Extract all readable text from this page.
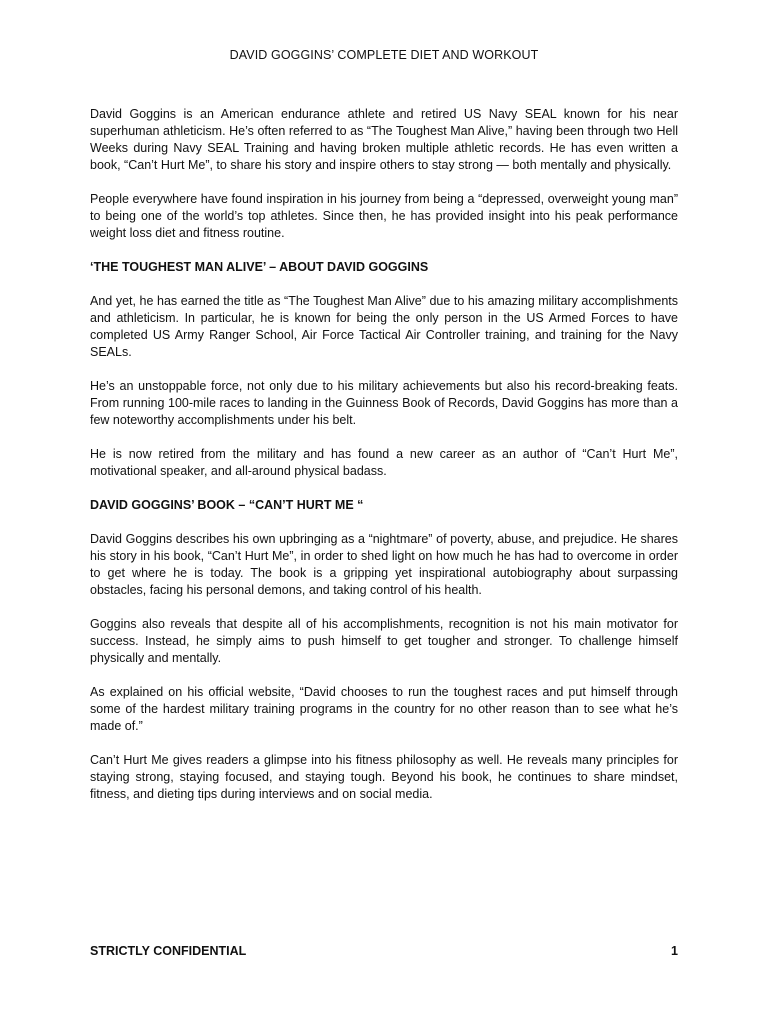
DAVID GOGGINS’ COMPLETE DIET AND WORKOUT

David Goggins is an American endurance athlete and retired US Navy SEAL known for his near superhuman athleticism. He’s often referred to as “The Toughest Man Alive,” having been through two Hell Weeks during Navy SEAL Training and having broken multiple athletic records. He has even written a book, “Can’t Hurt Me”, to share his story and inspire others to stay strong — both mentally and physically.

People everywhere have found inspiration in his journey from being a “depressed, overweight young man” to being one of the world’s top athletes. Since then, he has provided insight into his peak performance weight loss diet and fitness routine.

‘THE TOUGHEST MAN ALIVE’ – ABOUT DAVID GOGGINS

And yet, he has earned the title as “The Toughest Man Alive” due to his amazing military accomplishments and athleticism. In particular, he is known for being the only person in the US Armed Forces to have completed US Army Ranger School, Air Force Tactical Air Controller training, and training for the Navy SEALs.

He’s an unstoppable force, not only due to his military achievements but also his record-breaking feats. From running 100-mile races to landing in the Guinness Book of Records, David Goggins has more than a few noteworthy accomplishments under his belt.

He is now retired from the military and has found a new career as an author of “Can’t Hurt Me”, motivational speaker, and all-around physical badass.

DAVID GOGGINS’ BOOK – “CAN’T HURT ME “

David Goggins describes his own upbringing as a “nightmare” of poverty, abuse, and prejudice. He shares his story in his book, “Can’t Hurt Me”, in order to shed light on how much he has had to overcome in order to get where he is today. The book is a gripping yet inspirational autobiography about surpassing obstacles, facing his personal demons, and taking control of his health.

Goggins also reveals that despite all of his accomplishments, recognition is not his main motivator for success. Instead, he simply aims to push himself to get tougher and stronger. To challenge himself physically and mentally.

As explained on his official website, “David chooses to run the toughest races and put himself through some of the hardest military training programs in the country for no other reason than to see what he’s made of.”

Can’t Hurt Me gives readers a glimpse into his fitness philosophy as well. He reveals many principles for staying strong, staying focused, and staying tough. Beyond his book, he continues to share mindset, fitness, and dieting tips during interviews and on social media.

STRICTLY CONFIDENTIAL	1
